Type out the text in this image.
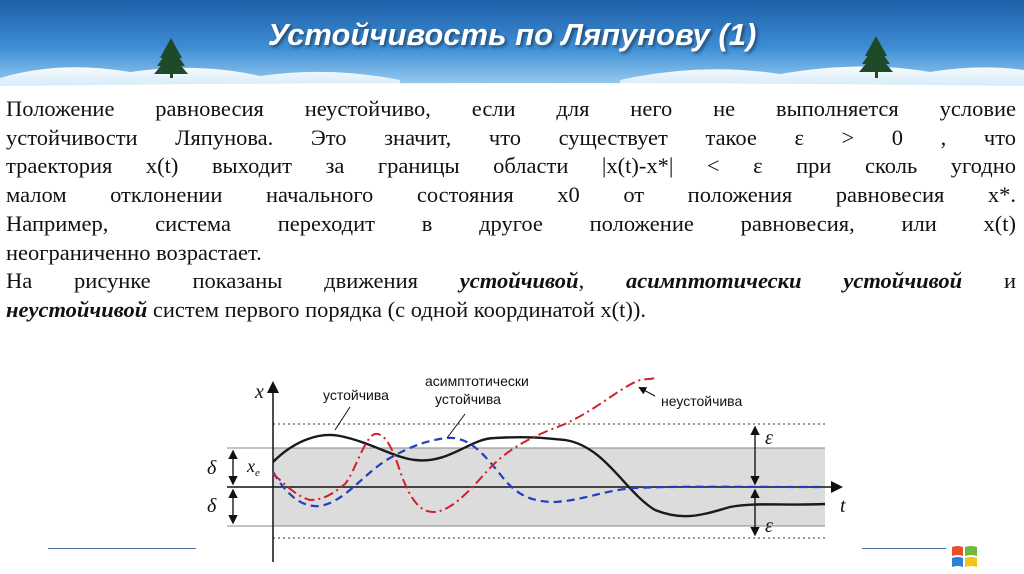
Устойчивость по Ляпунову (1)

Положение равновесия неустойчиво, если для него не выполняется условие

устойчивости Ляпунова. Это значит, что существует такое ε > 0 , что

траектория x(t) выходит за границы области |x(t)-x*| < ε при сколь угодно

малом отклонении начального состояния x0 от положения равновесия x*.

Например, система переходит в другое положение равновесия, или x(t)

неограниченно возрастает.

На рисунке показаны движения устойчивой, асимптотически устойчивой и

неустойчивой систем первого порядка (с одной координатой x(t)).

x
t
$x_e$
δ
δ
ε
ε
устойчива
асимптотически
устойчива	неустойчива
